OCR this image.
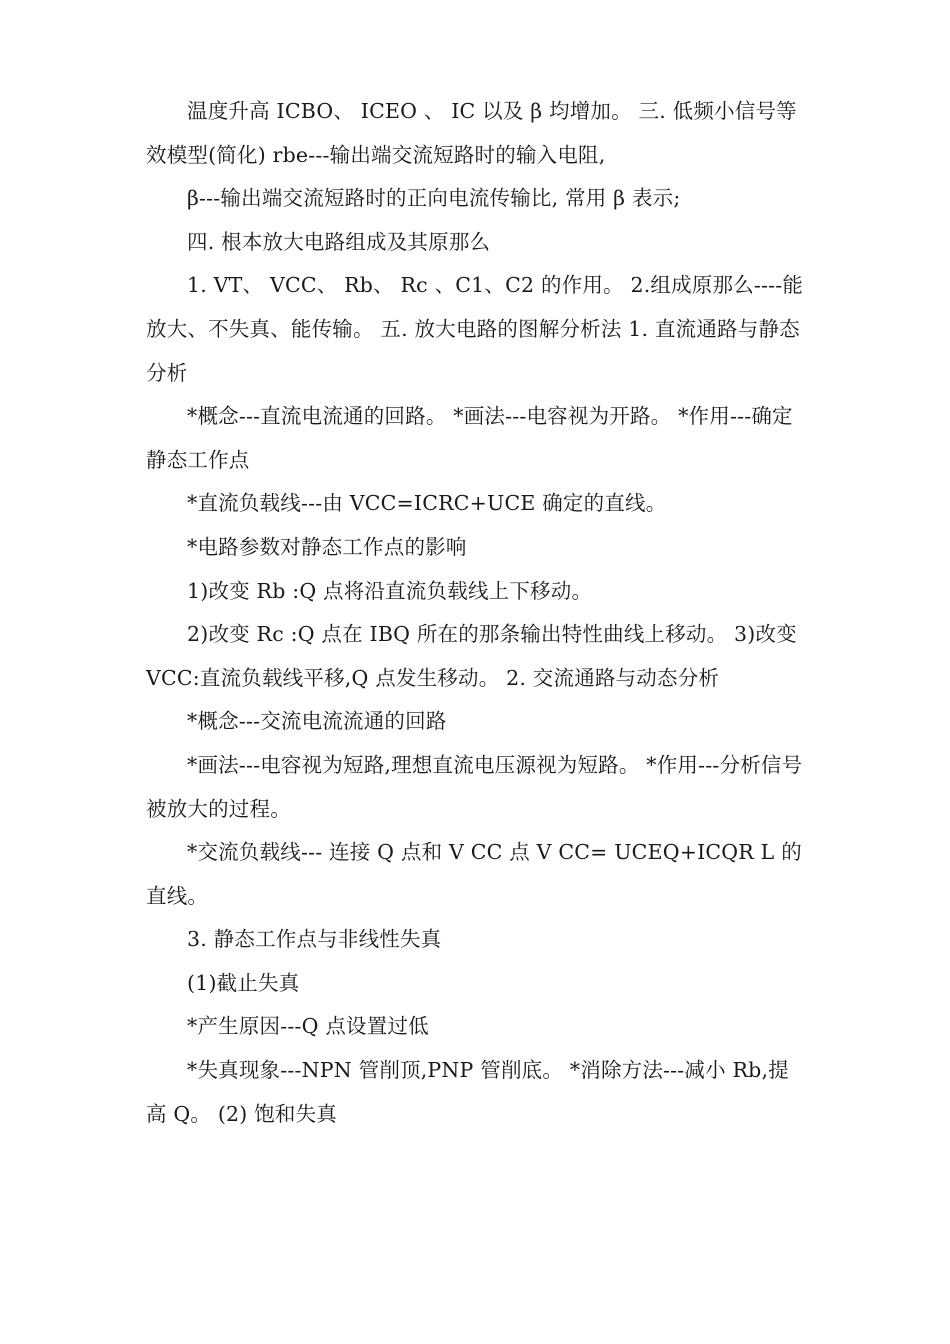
温度升高 ICBO、 ICEO 、 IC 以及 β 均增加。 三. 低频小信号等效模型(简化) rbe---输出端交流短路时的输入电阻,

β---输出端交流短路时的正向电流传输比, 常用 β 表示;

四. 根本放大电路组成及其原那么

1. VT、 VCC、 Rb、 Rc 、C1、C2 的作用。 2.组成原那么----能放大、不失真、能传输。 五. 放大电路的图解分析法 1. 直流通路与静态分析

*概念---直流电流通的回路。 *画法---电容视为开路。 *作用---确定静态工作点

*直流负载线---由 VCC=ICRC+UCE 确定的直线。

*电路参数对静态工作点的影响

1)改变 Rb :Q 点将沿直流负载线上下移动。

2)改变 Rc :Q 点在 IBQ 所在的那条输出特性曲线上移动。 3)改变 VCC:直流负载线平移,Q 点发生移动。 2. 交流通路与动态分析

*概念---交流电流流通的回路

*画法---电容视为短路,理想直流电压源视为短路。 *作用---分析信号被放大的过程。

*交流负载线--- 连接 Q 点和 V CC 点 V CC= UCEQ+ICQR L 的直线。

3. 静态工作点与非线性失真

(1)截止失真

*产生原因---Q 点设置过低

*失真现象---NPN 管削顶,PNP 管削底。 *消除方法---减小 Rb,提高 Q。 (2) 饱和失真
